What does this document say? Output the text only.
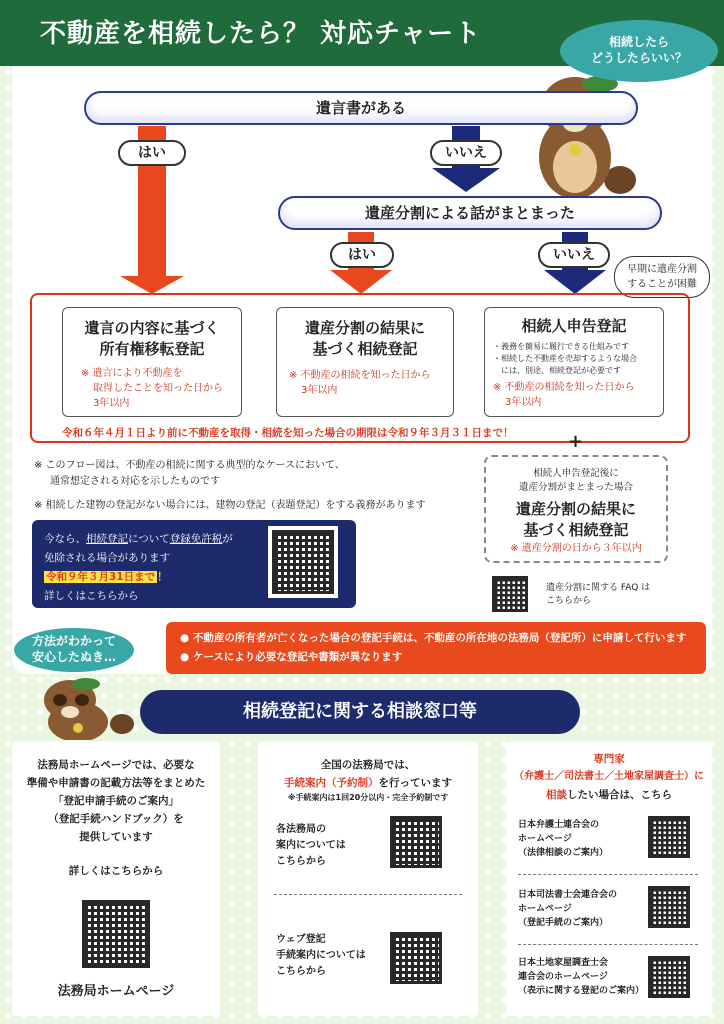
不動産を相続したら？ 対応チャート	相続したら
どうしたらいい？
遺言書がある
はい	いいえ
遺産分割による話がまとまった
はい	いいえ
早期に遺産分割
することが困難
遺言の内容に基づく
所有権移転登記
※ 遺言により不動産を
取得したことを知った日から
3年以内
遺産分割の結果に
基づく相続登記
※ 不動産の相続を知った日から
3年以内
相続人申告登記
・義務を簡易に履行できる仕組みです
・相続した不動産を売却するような場合
には、別途、相続登記が必要です
※ 不動産の相続を知った日から
3年以内
令和６年４月１日より前に不動産を取得・相続を知った場合の期限は令和９年３月３１日まで！	+
※ このフロー図は、不動産の相続に関する典型的なケースにおいて、
通常想定される対応を示したものです
※ 相続した建物の登記がない場合には、建物の登記（表題登記）をする義務があります
今なら、相続登記について登録免許税が
免除される場合があります
令和９年３月31日まで ！
詳しくはこちらから
相続人申告登記後に
遺産分割がまとまった場合
遺産分割の結果に
基づく相続登記
※ 遺産分割の日から３年以内
遺産分割に関する FAQ は
こちらから
● 不動産の所有者が亡くなった場合の登記手続は、不動産の所在地の法務局（登記所）に申請して行います
● ケースにより必要な登記や書類が異なります
方法がわかって
安心したぬき…
相続登記に関する相談窓口等
法務局ホームページでは、必要な
準備や申請書の記載方法等をまとめた
「登記申請手続のご案内」
（登記手続ハンドブック）を
提供しています
詳しくはこちらから
法務局ホームページ
全国の法務局では、
手続案内（予約制）を行っています
※手続案内は1回20分以内・完全予約制です
各法務局の
案内については
こちらから
ウェブ登記
手続案内については
こちらから
専門家
（弁護士／司法書士／土地家屋調査士）に
相談したい場合は、こちら
日本弁護士連合会の
ホームページ
（法律相談のご案内）
日本司法書士会連合会の
ホームページ
（登記手続のご案内）
日本土地家屋調査士会
連合会のホームページ
（表示に関する登記のご案内）
